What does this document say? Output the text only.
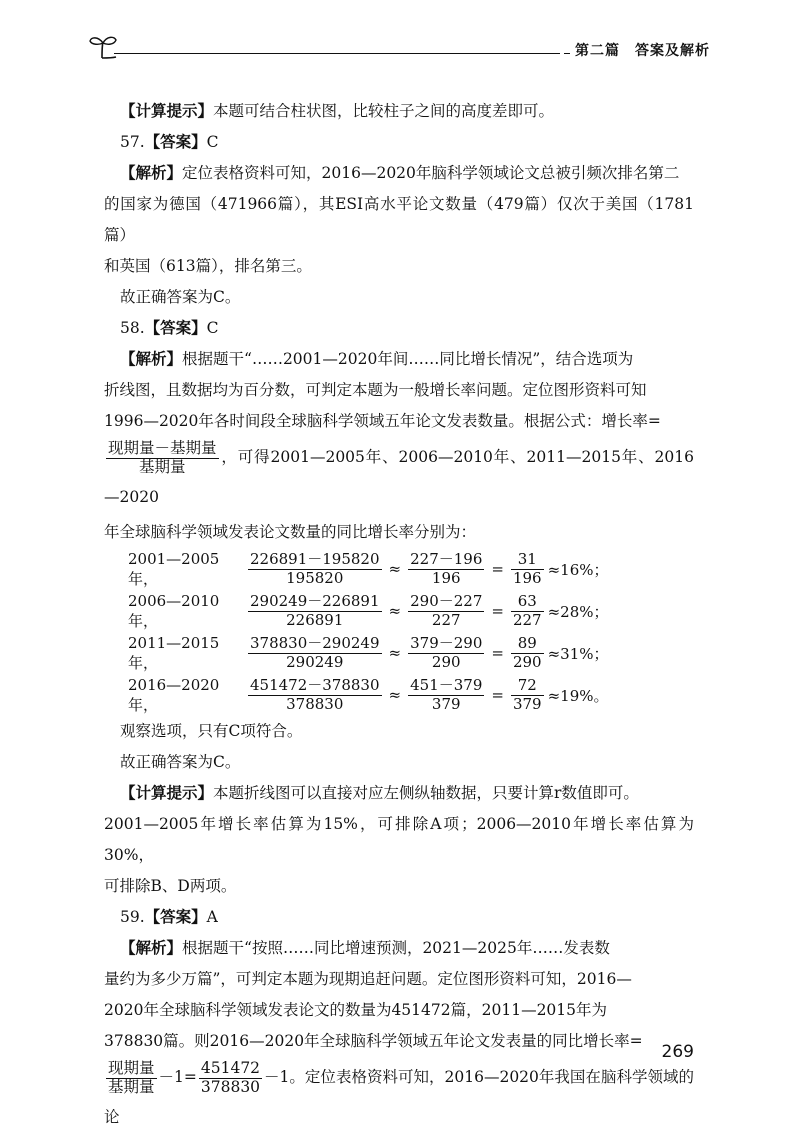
第二篇　答案及解析

【计算提示】本题可结合柱状图，比较柱子之间的高度差即可。

57.【答案】C

【解析】定位表格资料可知，2016—2020年脑科学领域论文总被引频次排名第二

的国家为德国（471966篇），其ESI高水平论文数量（479篇）仅次于美国（1781篇）

和英国（613篇），排名第三。

故正确答案为C。

58.【答案】C

【解析】根据题干“……2001—2020年间……同比增长情况”，结合选项为

折线图，且数据均为百分数，可判定本题为一般增长率问题。定位图形资料可知

1996—2020年各时间段全球脑科学领域五年论文发表数量。根据公式：增长率=

$\frac{\text{现期量－基期量}}{\text{基期量}}$ ，可得2001—2005年、2006—2010年、2011—2015年、2016—2020

年全球脑科学领域发表论文数量的同比增长率分别为：

2001—2005年，	$\frac{226891-195820}{195820} \approx \frac{227-196}{196} = \frac{31}{196} \approx 16\%$；
2006—2010年，	$\frac{290249-226891}{226891} \approx \frac{290-227}{227} = \frac{63}{227} \approx 28\%$；
2011—2015年，	$\frac{378830-290249}{290249} \approx \frac{379-290}{290} = \frac{89}{290} \approx 31\%$；
2016—2020年，	$\frac{451472-378830}{378830} \approx \frac{451-379}{379} = \frac{72}{379} \approx 19\%$。

观察选项，只有C项符合。

故正确答案为C。

【计算提示】本题折线图可以直接对应左侧纵轴数据，只要计算r数值即可。

2001—2005年增长率估算为15%，可排除A项；2006—2010年增长率估算为30%，

可排除B、D两项。

59.【答案】A

【解析】根据题干“按照……同比增速预测，2021—2025年……发表数

量约为多少万篇”，可判定本题为现期追赶问题。定位图形资料可知，2016—

2020年全球脑科学领域发表论文的数量为451472篇，2011—2015年为

378830篇。则2016—2020年全球脑科学领域五年论文发表量的同比增长率=

$\frac{\text{现期量}}{\text{基期量}} -1= \frac{451472}{378830} -1$。定位表格资料可知，2016—2020年我国在脑科学领域的论

269
